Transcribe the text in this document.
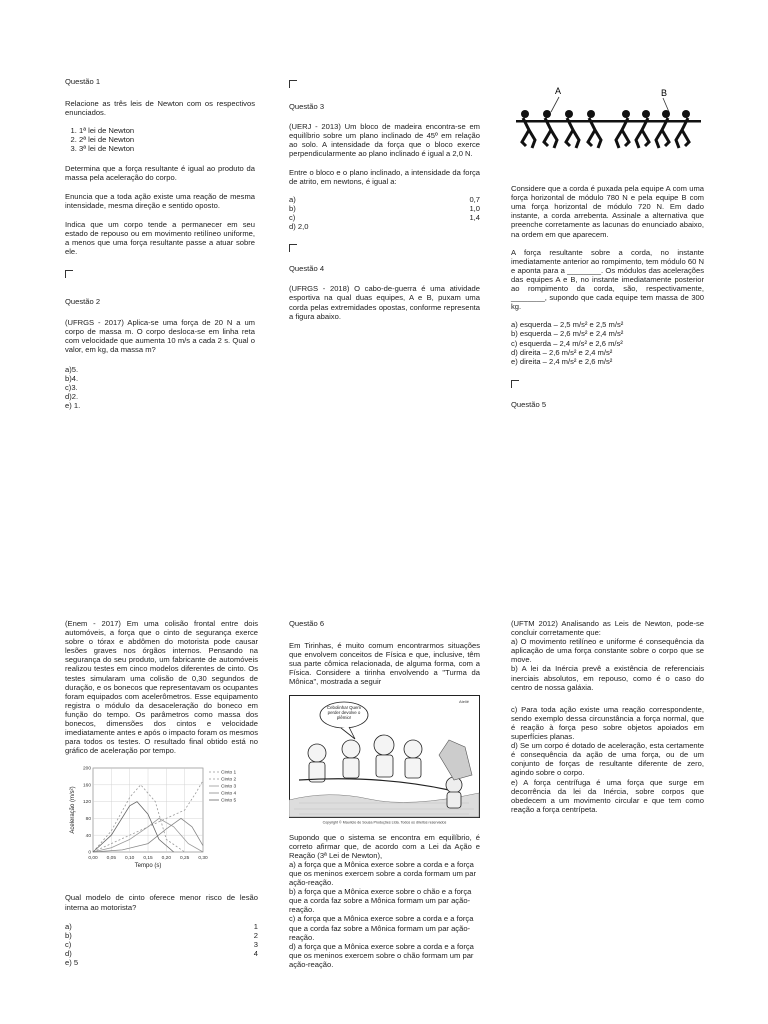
Questão 1

Relacione as três leis de Newton com os respectivos enunciados.

1. 1ª lei de Newton
2. 2ª lei de Newton
3. 3ª lei de Newton

Determina que a força resultante é igual ao produto da massa pela aceleração do corpo.

Enuncia que a toda ação existe uma reação de mesma intensidade, mesma direção e sentido oposto.

Indica que um corpo tende a permanecer em seu estado de repouso ou em movimento retilíneo uniforme, a menos que uma força resultante passe a atuar sobre ele.

Questão 2

(UFRGS - 2017) Aplica-se uma força de 20 N a um corpo de massa m. O corpo desloca-se em linha reta com velocidade que aumenta 10 m/s a cada 2 s. Qual o valor, em kg, da massa m?

a)5.
b)4.
c)3.
d)2.
e) 1.

Questão 3

(UERJ - 2013) Um bloco de madeira encontra-se em equilíbrio sobre um plano inclinado de 45º em relação ao solo. A intensidade da força que o bloco exerce perpendicularmente ao plano inclinado é igual a 2,0 N.

Entre o bloco e o plano inclinado, a intensidade da força de atrito, em newtons, é igual a:

a)	0,7
b)	1,0
c)	1,4
d) 2,0

Questão 4

(UFRGS - 2018) O cabo-de-guerra é uma atividade esportiva na qual duas equipes, A e B, puxam uma corda pelas extremidades opostas, conforme representa a figura abaixo.

A	B

Considere que a corda é puxada pela equipe A com uma força horizontal de módulo 780 N e pela equipe B com uma força horizontal de módulo 720 N. Em dado instante, a corda arrebenta. Assinale a alternativa que preenche corretamente as lacunas do enunciado abaixo, na ordem em que aparecem.

A força resultante sobre a corda, no instante imediatamente anterior ao rompimento, tem módulo 60 N e aponta para a ________. Os módulos das acelerações das equipes A e B, no instante imediatamente posterior ao rompimento da corda, são, respectivamente, ________, supondo que cada equipe tem massa de 300 kg.

a) esquerda – 2,5 m/s² e 2,5 m/s²
b) esquerda – 2,6 m/s² e 2,4 m/s²
c) esquerda – 2,4 m/s² e 2,6 m/s²
d) direita – 2,6 m/s² e 2,4 m/s²
e) direita – 2,4 m/s² e 2,6 m/s²

Questão 5

(Enem - 2017) Em uma colisão frontal entre dois automóveis, a força que o cinto de segurança exerce sobre o tórax e abdômen do motorista pode causar lesões graves nos órgãos internos. Pensando na segurança do seu produto, um fabricante de automóveis realizou testes em cinco modelos diferentes de cinto. Os testes simularam uma colisão de 0,30 segundos de duração, e os bonecos que representavam os ocupantes foram equipados com acelerômetros. Esse equipamento registra o módulo da desaceleração do boneco em função do tempo. Os parâmetros como massa dos bonecos, dimensões dos cintos e velocidade imediatamente antes e após o impacto foram os mesmos para todos os testes. O resultado final obtido está no gráfico de aceleração por tempo.

0,00 0,05 0,10 0,15 0,20 0,25 0,30
0
40
80
120
160
200
Tempo (s)
Aceleração (m/s²)
Cinto 1
Cinto 2
Cinto 3
Cinto 4
Cinto 5

Qual modelo de cinto oferece menor risco de lesão interna ao motorista?

a)	1
b)	2
c)	3
d)	4
e) 5

Questão 6

Em Tirinhas, é muito comum encontrarmos situações que envolvem conceitos de Física e que, inclusive, têm sua parte cômica relacionada, de alguma forma, com a Física. Considere a tirinha envolvendo a "Turma da Mônica", mostrada a seguir

Cebolinha! Quem perder devolve o plêmio!
Ateliê
Copyright © Mauricio de Sousa Produções Ltda. Todos os direitos reservados

Supondo que o sistema se encontra em equilíbrio, é correto afirmar que, de acordo com a Lei da Ação e Reação (3ª Lei de Newton),

a) a força que a Mônica exerce sobre a corda e a força que os meninos exercem sobre a corda formam um par ação-reação.
b) a força que a Mônica exerce sobre o chão e a força que a corda faz sobre a Mônica formam um par ação-reação.
c) a força que a Mônica exerce sobre a corda e a força que a corda faz sobre a Mônica formam um par ação-reação.
d) a força que a Mônica exerce sobre a corda e a força que os meninos exercem sobre o chão formam um par ação-reação.

(UFTM 2012) Analisando as Leis de Newton, pode-se concluir corretamente que:

a) O movimento retilíneo e uniforme é consequência da aplicação de uma força constante sobre o corpo que se move.

b) A lei da Inércia prevê a existência de referenciais inerciais absolutos, em repouso, como é o caso do centro de nossa galáxia.

c) Para toda ação existe uma reação correspondente, sendo exemplo dessa circunstância a força normal, que é reação à força peso sobre objetos apoiados em superfícies planas.

d) Se um corpo é dotado de aceleração, esta certamente é consequência da ação de uma força, ou de um conjunto de forças de resultante diferente de zero, agindo sobre o corpo.

e) A força centrífuga é uma força que surge em decorrência da lei da Inércia, sobre corpos que obedecem a um movimento circular e que tem como reação a força centrípeta.
